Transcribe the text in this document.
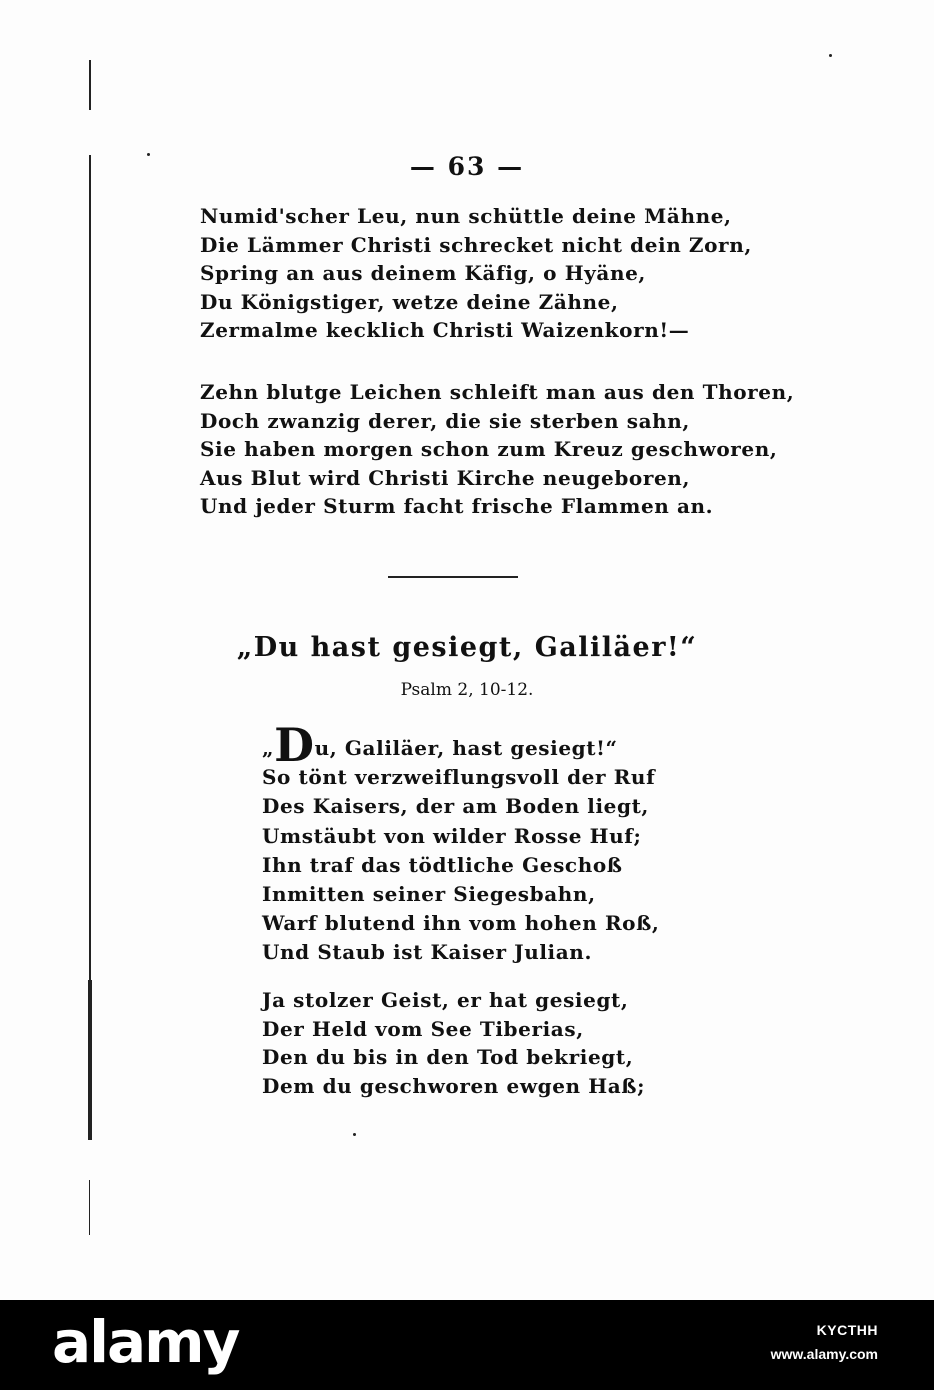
— 63 —
Numid'scher Leu, nun schüttle deine Mähne,
Die Lämmer Christi schrecket nicht dein Zorn,
Spring an aus deinem Käfig, o Hyäne,
Du Königstiger, wetze deine Zähne,
Zermalme kecklich Christi Waizenkorn!—
Zehn blutge Leichen schleift man aus den Thoren,
Doch zwanzig derer, die sie sterben sahn,
Sie haben morgen schon zum Kreuz geschworen,
Aus Blut wird Christi Kirche neugeboren,
Und jeder Sturm facht frische Flammen an.
„Du hast gesiegt, Galiläer!“
Psalm 2, 10-12.
„Du, Galiläer, hast gesiegt!“
So tönt verzweiflungsvoll der Ruf
Des Kaisers, der am Boden liegt,
Umstäubt von wilder Rosse Huf;
Ihn traf das tödtliche Geschoß
Inmitten seiner Siegesbahn,
Warf blutend ihn vom hohen Roß,
Und Staub ist Kaiser Julian.
Ja stolzer Geist, er hat gesiegt,
Der Held vom See Tiberias,
Den du bis in den Tod bekriegt,
Dem du geschworen ewgen Haß;
alamy	KYCTHH
www.alamy.com
